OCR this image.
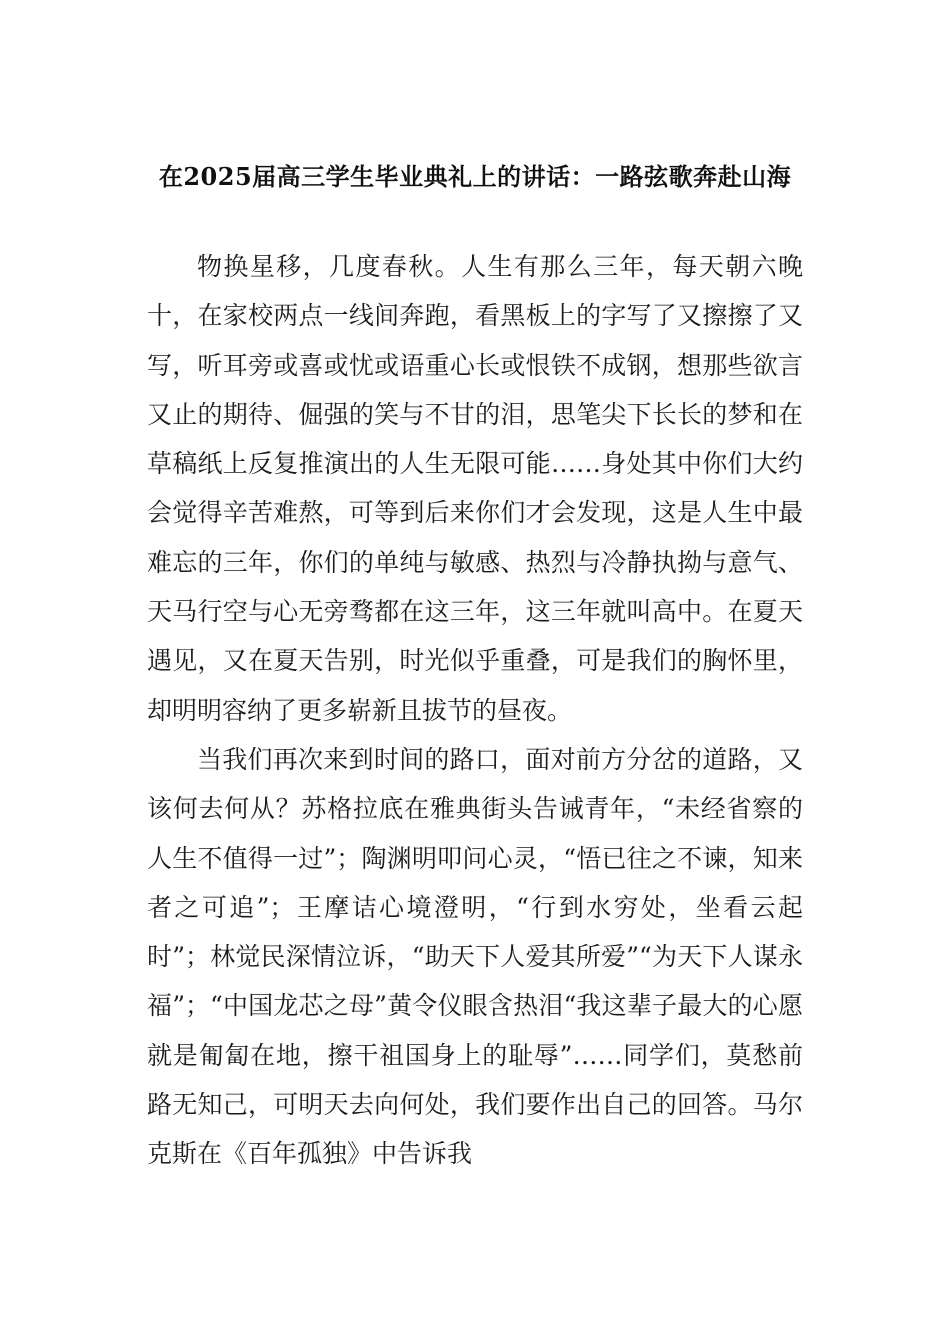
在2025届高三学生毕业典礼上的讲话：一路弦歌奔赴山海

物换星移，几度春秋。人生有那么三年，每天朝六晚十，在家校两点一线间奔跑，看黑板上的字写了又擦擦了又写，听耳旁或喜或忧或语重心长或恨铁不成钢，想那些欲言又止的期待、倔强的笑与不甘的泪，思笔尖下长长的梦和在草稿纸上反复推演出的人生无限可能……身处其中你们大约会觉得辛苦难熬，可等到后来你们才会发现，这是人生中最难忘的三年，你们的单纯与敏感、热烈与冷静执拗与意气、天马行空与心无旁骛都在这三年，这三年就叫高中。在夏天遇见，又在夏天告别，时光似乎重叠，可是我们的胸怀里，却明明容纳了更多崭新且拔节的昼夜。

当我们再次来到时间的路口，面对前方分岔的道路，又该何去何从？苏格拉底在雅典街头告诫青年，“未经省察的人生不值得一过”；陶渊明叩问心灵，“悟已往之不谏，知来者之可追”；王摩诘心境澄明，“行到水穷处，坐看云起时”；林觉民深情泣诉，“助天下人爱其所爱”“为天下人谋永福”；“中国龙芯之母”黄令仪眼含热泪“我这辈子最大的心愿就是匍匐在地，擦干祖国身上的耻辱”……同学们，莫愁前路无知己，可明天去向何处，我们要作出自己的回答。马尔克斯在《百年孤独》中告诉我
